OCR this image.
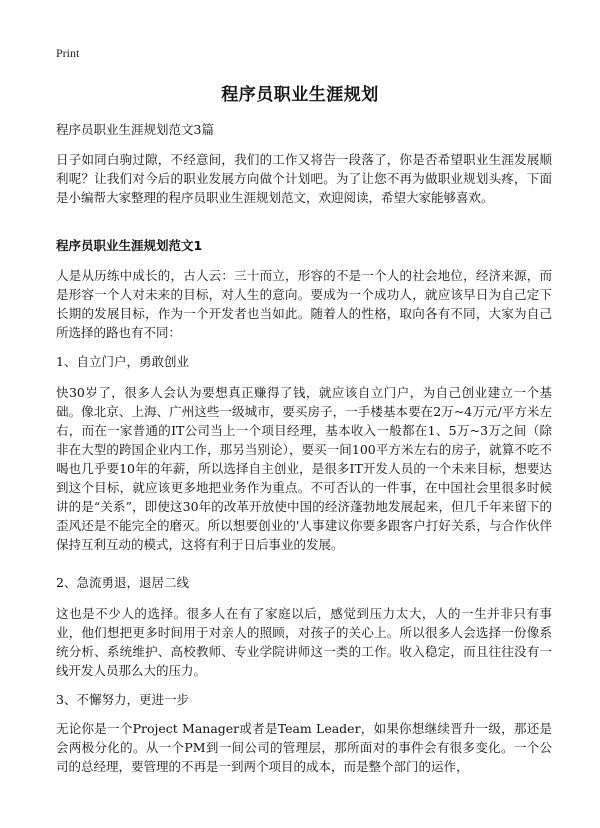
Print
程序员职业生涯规划
程序员职业生涯规划范文3篇
日子如同白驹过隙，不经意间，我们的工作又将告一段落了，你是否希望职业生涯发展顺利呢？让我们对今后的职业发展方向做个计划吧。为了让您不再为做职业规划头疼，下面是小编帮大家整理的程序员职业生涯规划范文，欢迎阅读，希望大家能够喜欢。
程序员职业生涯规划范文1
人是从历练中成长的，古人云：三十而立，形容的不是一个人的社会地位，经济来源，而是形容一个人对未来的目标，对人生的意向。要成为一个成功人，就应该早日为自己定下长期的发展目标，作为一个开发者也当如此。随着人的性格，取向各有不同，大家为自己所选择的路也有不同：
1、自立门户，勇敢创业
快30岁了，很多人会认为要想真正赚得了钱，就应该自立门户，为自己创业建立一个基础。像北京、上海、广州这些一级城市，要买房子，一手楼基本要在2万~4万元/平方米左右，而在一家普通的IT公司当上一个项目经理，基本收入一般都在1、5万~3万之间（除非在大型的跨国企业内工作，那另当别论），要买一间100平方米左右的房子，就算不吃不喝也几乎要10年的年薪，所以选择自主创业，是很多IT开发人员的一个未来目标，想要达到这个目标，就应该更多地把业务作为重点。不可否认的一件事，在中国社会里很多时候讲的是“关系”，即使这30年的改革开放使中国的经济蓬勃地发展起来，但几千年来留下的歪风还是不能完全的磨灭。所以想要创业的'人事建议你要多跟客户打好关系，与合作伙伴保持互利互动的模式，这将有利于日后事业的发展。
2、急流勇退，退居二线
这也是不少人的选择。很多人在有了家庭以后，感觉到压力太大，人的一生并非只有事业，他们想把更多时间用于对亲人的照顾，对孩子的关心上。所以很多人会选择一份像系统分析、系统维护、高校教师、专业学院讲师这一类的工作。收入稳定，而且往往没有一线开发人员那么大的压力。
3、不懈努力，更进一步
无论你是一个Project Manager或者是Team Leader，如果你想继续晋升一级，那还是会两极分化的。从一个PM到一间公司的管理层，那所面对的事件会有很多变化。一个公司的总经理，要管理的不再是一到两个项目的成本，而是整个部门的运作，
